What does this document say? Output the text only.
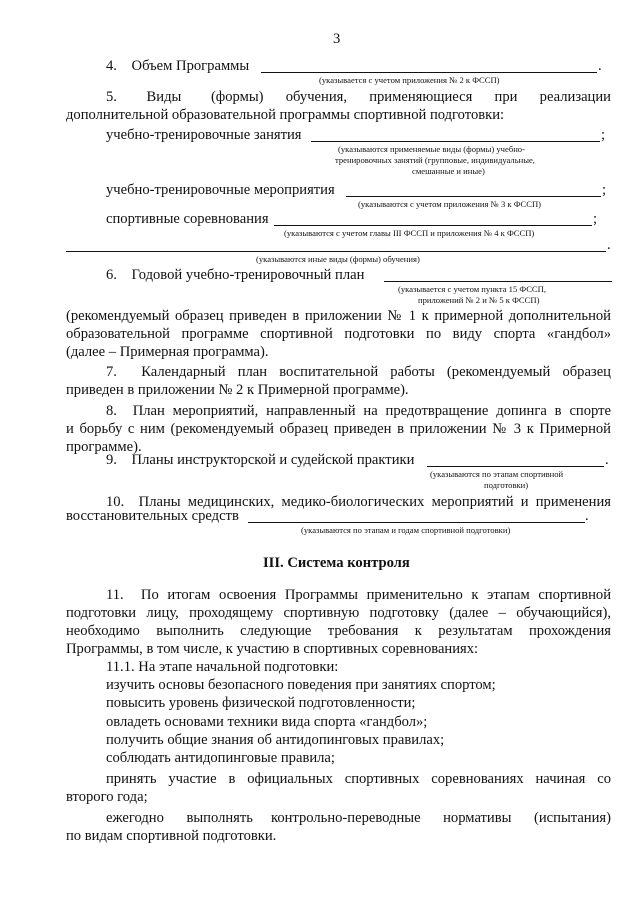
3
4.    Объем Программы	.
(указывается с учетом приложения № 2 к ФССП)
5.    Виды    (формы)   обучения,   применяющиеся   при   реализации
дополнительной образовательной программы спортивной подготовки:
учебно-тренировочные занятия	;
(указываются применяемые виды (формы) учебно-
тренировочных занятий (групповые, индивидуальные,
смешанные и иные)
учебно-тренировочные мероприятия	;
(указываются с учетом приложения № 3 к ФССП)
спортивные соревнования	;
(указываются с учетом главы III ФССП и приложения № 4 к ФССП)
.
(указываются иные виды (формы) обучения)
6.    Годовой учебно-тренировочный план
(указывается с учетом пункта 15 ФССП,
приложений № 2 и № 5 к ФССП)
(рекомендуемый образец приведен в приложении № 1 к примерной дополнительной
образовательной программе спортивной подготовки по виду спорта «гандбол»
(далее – Примерная программа).
7.  Календарный план воспитательной работы (рекомендуемый образец
приведен в приложении № 2 к Примерной программе).
8.  План мероприятий, направленный на предотвращение допинга в спорте
и борьбу с ним (рекомендуемый образец приведен в приложении № 3 к Примерной
программе).
9.    Планы инструкторской и судейской практики	.
(указываются по этапам спортивной
подготовки)
10.  Планы медицинских, медико-биологических мероприятий и применения
восстановительных средств	.
(указываются по этапам и годам спортивной подготовки)
III. Система контроля
11.  По итогам освоения Программы применительно к этапам спортивной
подготовки лицу, проходящему спортивную подготовку (далее – обучающийся),
необходимо выполнить следующие требования к результатам прохождения
Программы, в том числе, к участию в спортивных соревнованиях:
11.1. На этапе начальной подготовки:
изучить основы безопасного поведения при занятиях спортом;
повысить уровень физической подготовленности;
овладеть основами техники вида спорта «гандбол»;
получить общие знания об антидопинговых правилах;
соблюдать антидопинговые правила;
принять участие в официальных спортивных соревнованиях начиная со
второго года;
ежегодно     выполнять    контрольно-переводные     нормативы     (испытания)
по видам спортивной подготовки.
